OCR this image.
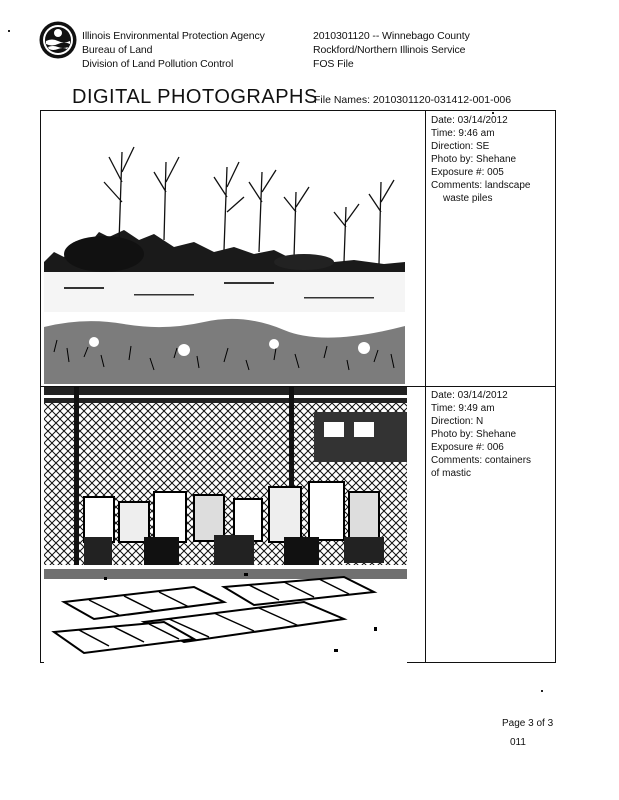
Illinois Environmental Protection Agency
Bureau of Land
Division of Land Pollution Control
2010301120 -- Winnebago County
Rockford/Northern Illinois Service
FOS File
DIGITAL PHOTOGRAPHS
File Names: 2010301120-031412-001-006
Date: 03/14/2012
Time: 9:46 am
Direction: SE
Photo by: Shehane
Exposure #: 005
Comments: landscape
waste piles
Date: 03/14/2012
Time: 9:49 am
Direction: N
Photo by: Shehane
Exposure #: 006
Comments: containers
of mastic
Page 3 of 3
011
